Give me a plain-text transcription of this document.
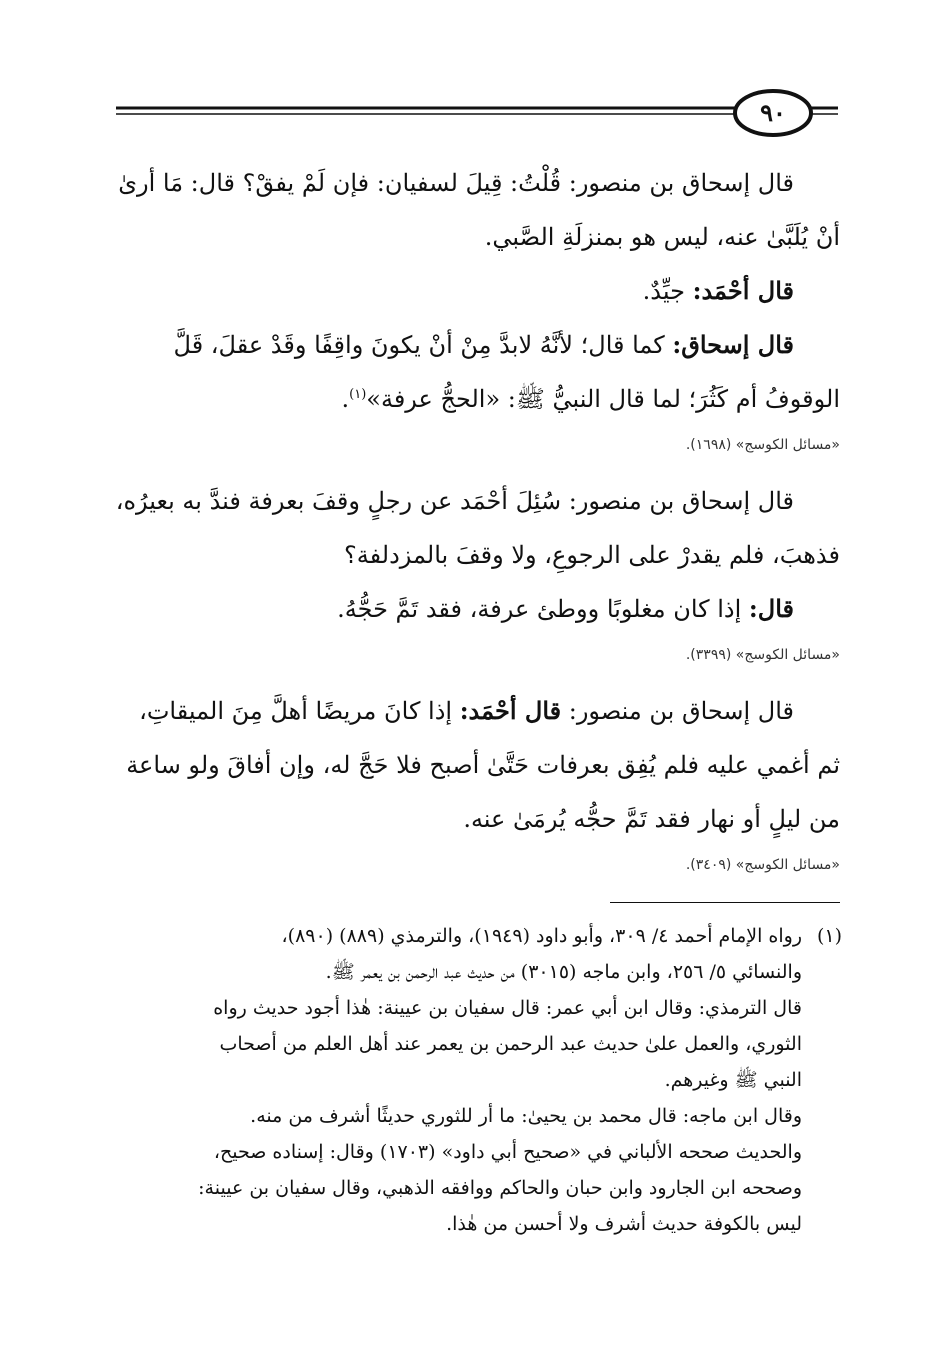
٩٠

قال إسحاق بن منصور: قُلْتُ: قِيلَ لسفيان: فإن لَمْ يفقْ؟ قال: مَا أرىٰ
أنْ يُلَبَّىٰ عنه، ليس هو بمنزلَةِ الصَّبي.

قال أحْمَد: جيِّدٌ.

قال إسحاق: كما قال؛ لأنَّهُ لابدَّ مِنْ أنْ يكونَ واقِفًا وقَدْ عقلَ، قَلَّ
الوقوفُ أم كَثُرَ؛ لما قال النبيُّ ﷺ: «الحجُّ عرفة»$^{(١)}$.

«مسائل الكوسج» (١٦٩٨).

قال إسحاق بن منصور: سُئِلَ أحْمَد عن رجلٍ وقفَ بعرفة فندَّ به بعيرُه،
فذهبَ، فلم يقدرْ على الرجوعِ، ولا وقفَ بالمزدلفة؟

قال: إذا كان مغلوبًا ووطئ عرفة، فقد تَمَّ حَجُّهُ.

«مسائل الكوسج» (٣٣٩٩).

قال إسحاق بن منصور: قال أحْمَد: إذا كانَ مريضًا أهلَّ مِنَ الميقاتِ،
ثم أغمي عليه فلم يُفِق بعرفات حَتَّىٰ أصبح فلا حَجَّ له، وإن أفاقَ ولو ساعة
من ليلٍ أو نهار فقد تَمَّ حجُّه يُرمَىٰ عنه.

«مسائل الكوسج» (٣٤٠٩).

(١)رواه الإمام أحمد ٤/ ٣٠٩، وأبو داود (١٩٤٩)، والترمذي (٨٨٩) (٨٩٠)،

والنسائي ٥/ ٢٥٦، وابن ماجه (٣٠١٥) من حديث عبد الرحمن بن يعمر ﷺ.

قال الترمذي: وقال ابن أبي عمر: قال سفيان بن عيينة: هٰذا أجود حديث رواه

الثوري، والعمل علىٰ حديث عبد الرحمن بن يعمر عند أهل العلم من أصحاب

النبي ﷺ وغيرهم.

وقال ابن ماجه: قال محمد بن يحيىٰ: ما أر للثوري حديثًا أشرف من منه.

والحديث صححه الألباني في «صحيح أبي داود» (١٧٠٣) وقال: إسناده صحيح،

وصححه ابن الجارود وابن حبان والحاكم ووافقه الذهبي، وقال سفيان بن عيينة:

ليس بالكوفة حديث أشرف ولا أحسن من هٰذا.
